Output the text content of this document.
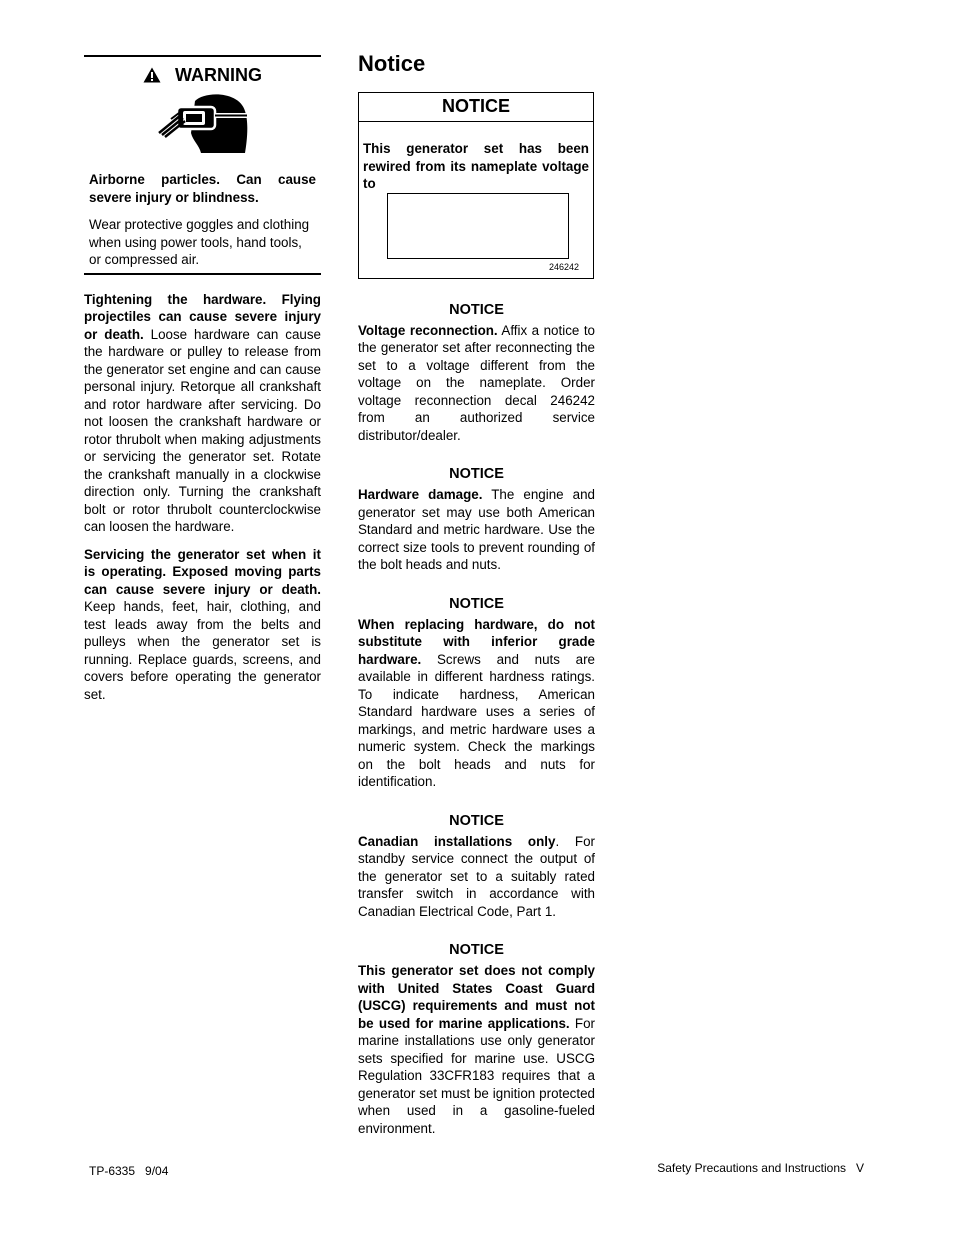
WARNING

Airborne particles. Can cause severe injury or blindness.

Wear protective goggles and clothing when using power tools, hand tools, or compressed air.

Tightening the hardware. Flying projectiles can cause severe injury or death. Loose hardware can cause the hardware or pulley to release from the generator set engine and can cause personal injury. Retorque all crankshaft and rotor hardware after servicing. Do not loosen the crankshaft hardware or rotor thrubolt when making adjustments or servicing the generator set. Rotate the crankshaft manually in a clockwise direction only. Turning the crankshaft bolt or rotor thrubolt counterclockwise can loosen the hardware.

Servicing the generator set when it is operating. Exposed moving parts can cause severe injury or death. Keep hands, feet, hair, clothing, and test leads away from the belts and pulleys when the generator set is running. Replace guards, screens, and covers before operating the generator set.

Notice
NOTICE

This generator set has been rewired from its nameplate voltage to

246242
NOTICE

Voltage reconnection. Affix a notice to the generator set after reconnecting the set to a voltage different from the voltage on the nameplate. Order voltage reconnection decal 246242 from an authorized service distributor/dealer.

NOTICE

Hardware damage. The engine and generator set may use both American Standard and metric hardware. Use the correct size tools to prevent rounding of the bolt heads and nuts.

NOTICE

When replacing hardware, do not substitute with inferior grade hardware. Screws and nuts are available in different hardness ratings. To indicate hardness, American Standard hardware uses a series of markings, and metric hardware uses a numeric system. Check the markings on the bolt heads and nuts for identification.

NOTICE

Canadian installations only. For standby service connect the output of the generator set to a suitably rated transfer switch in accordance with Canadian Electrical Code, Part 1.

NOTICE

This generator set does not comply with United States Coast Guard (USCG) requirements and must not be used for marine applications. For marine installations use only generator sets specified for marine use. USCG Regulation 33CFR183 requires that a generator set must be ignition protected when used in a gasoline-fueled environment.

TP-6335   9/04	Safety Precautions and Instructions   V
